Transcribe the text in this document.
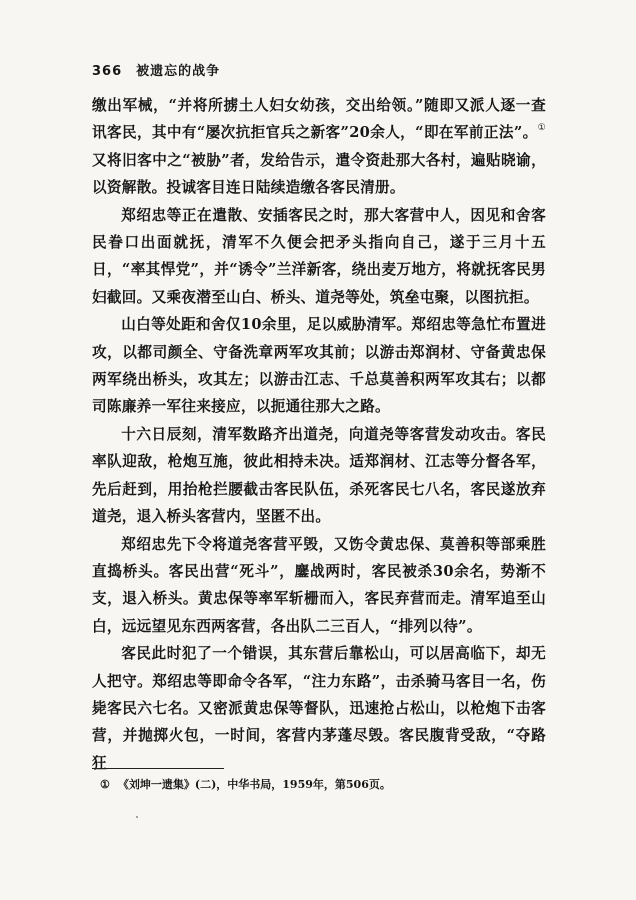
366 被遗忘的战争

缴出军械，“并将所掳土人妇女幼孩，交出给领。”随即又派人逐一查讯客民，其中有“屡次抗拒官兵之新客”20余人，“即在军前正法”。①又将旧客中之“被胁”者，发给告示，遣令资赴那大各村，遍贴晓谕，以资解散。投诚客目连日陆续造缴各客民清册。

郑绍忠等正在遣散、安插客民之时，那大客营中人，因见和舍客民眷口出面就抚，清军不久便会把矛头指向自己，遂于三月十五日，“率其悍党”，并“诱令”兰洋新客，绕出麦万地方，将就抚客民男妇截回。又乘夜潜至山白、桥头、道尧等处，筑垒屯聚，以图抗拒。

山白等处距和舍仅10余里，足以威胁清军。郑绍忠等急忙布置进攻，以都司颜全、守备洗章两军攻其前；以游击郑润材、守备黄忠保两军绕出桥头，攻其左；以游击江志、千总莫善积两军攻其右；以都司陈廉养一军往来接应，以扼通往那大之路。

十六日辰刻，清军数路齐出道尧，向道尧等客营发动攻击。客民率队迎敌，枪炮互施，彼此相持未决。适郑润材、江志等分督各军，先后赶到，用抬枪拦腰截击客民队伍，杀死客民七八名，客民遂放弃道尧，退入桥头客营内，坚匿不出。

郑绍忠先下令将道尧客营平毁，又饬令黄忠保、莫善积等部乘胜直捣桥头。客民出营“死斗”，鏖战两时，客民被杀30余名，势渐不支，退入桥头。黄忠保等率军斩栅而入，客民弃营而走。清军追至山白，远远望见东西两客营，各出队二三百人，“排列以待”。

客民此时犯了一个错误，其东营后靠松山，可以居高临下，却无人把守。郑绍忠等即命令各军，“注力东路”，击杀骑马客目一名，伤毙客民六七名。又密派黄忠保等督队，迅速抢占松山，以枪炮下击客营，并抛掷火包，一时间，客营内茅蓬尽毁。客民腹背受敌，“夺路狂

① 《刘坤一遗集》(二)，中华书局，1959年，第506页。
